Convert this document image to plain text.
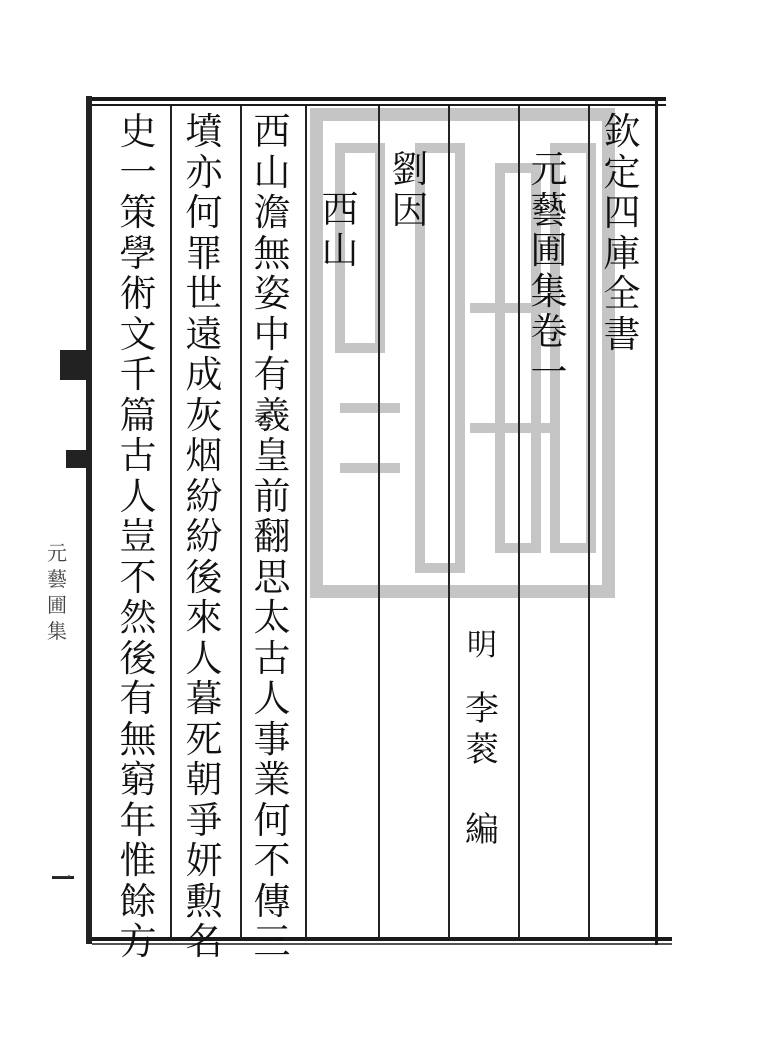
元
藝
圃
集
一
欽
定
四
庫
全
書
元
藝
圃
集
卷
一
明
李
蓘
編
劉
因
西
山
西
山
澹
無
姿
中
有
羲
皇
前
翻
思
太
古
人
事
業
何
不
傳
三
墳
亦
何
罪
世
遠
成
灰
烟
紛
紛
後
來
人
暮
死
朝
爭
妍
勲
名
史
一
策
學
術
文
千
篇
古
人
豈
不
然
後
有
無
窮
年
惟
餘
方
